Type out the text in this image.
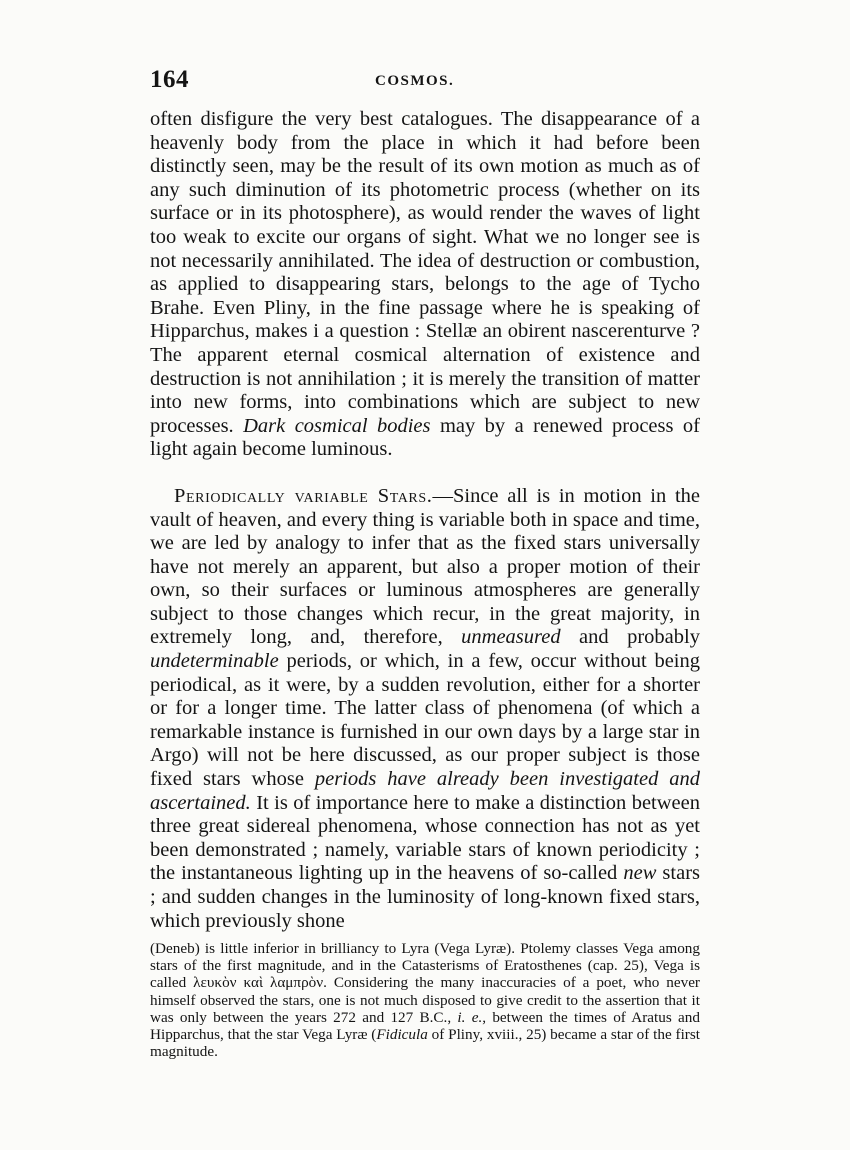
164	COSMOS.

often disfigure the very best catalogues. The disappearance of a heavenly body from the place in which it had before been distinctly seen, may be the result of its own motion as much as of any such diminution of its photometric process (whether on its surface or in its photosphere), as would render the waves of light too weak to excite our organs of sight. What we no longer see is not necessarily annihilated. The idea of destruction or combustion, as applied to disappearing stars, belongs to the age of Tycho Brahe. Even Pliny, in the fine passage where he is speaking of Hipparchus, makes i a question : Stellæ an obirent nascerenturve ? The apparent eternal cosmical alternation of existence and destruction is not annihilation ; it is merely the transition of matter into new forms, into combinations which are subject to new processes. Dark cosmical bodies may by a renewed process of light again become luminous.

Periodically variable Stars.—Since all is in motion in the vault of heaven, and every thing is variable both in space and time, we are led by analogy to infer that as the fixed stars universally have not merely an apparent, but also a proper motion of their own, so their surfaces or luminous atmospheres are generally subject to those changes which recur, in the great majority, in extremely long, and, therefore, unmeasured and probably undeterminable periods, or which, in a few, occur without being periodical, as it were, by a sudden revolution, either for a shorter or for a longer time. The latter class of phenomena (of which a remarkable instance is furnished in our own days by a large star in Argo) will not be here discussed, as our proper subject is those fixed stars whose periods have already been investigated and ascertained. It is of importance here to make a distinction between three great sidereal phenomena, whose connection has not as yet been demonstrated ; namely, variable stars of known periodicity ; the instantaneous lighting up in the heavens of so-called new stars ; and sudden changes in the luminosity of long-known fixed stars, which previously shone

(Deneb) is little inferior in brilliancy to Lyra (Vega Lyræ). Ptolemy classes Vega among stars of the first magnitude, and in the Catasterisms of Eratosthenes (cap. 25), Vega is called λευκὸν καὶ λαμπρὸν. Considering the many inaccuracies of a poet, who never himself observed the stars, one is not much disposed to give credit to the assertion that it was only between the years 272 and 127 B.C., i. e., between the times of Aratus and Hipparchus, that the star Vega Lyræ (Fidicula of Pliny, xviii., 25) became a star of the first magnitude.
